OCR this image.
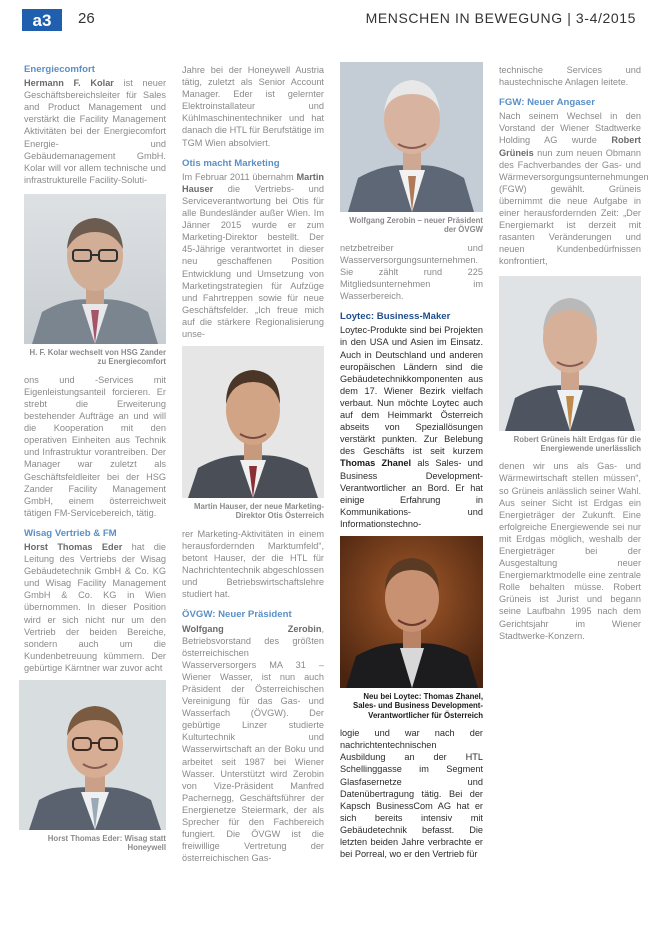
a3 26	MENSCHEN IN BEWEGUNG | 3-4/2015
Energiecomfort

Hermann F. Kolar ist neuer Geschäftsbereichsleiter für Sales and Product Management und verstärkt die Facility Management Aktivitäten bei der Energiecomfort Energie- und Gebäudemanagement GmbH. Kolar will vor allem technische und infrastrukturelle Facility-Soluti-

H. F. Kolar wechselt von HSG Zander zu Energiecomfort

ons und -Services mit Eigenleistungsanteil forcieren. Er strebt die Erweiterung bestehender Aufträge an und will die Kooperation mit den operativen Einheiten aus Technik und Infrastruktur vorantreiben. Der Manager war zuletzt als Geschäftsfeldleiter bei der HSG Zander Facility Management GmbH, einem österreichweit tätigen FM-Servicebereich, tätig.

Wisag Vertrieb & FM

Horst Thomas Eder hat die Leitung des Vertriebs der Wisag Gebäudetechnik GmbH & Co. KG und Wisag Facility Management GmbH & Co. KG in Wien übernommen. In dieser Position wird er sich nicht nur um den Vertrieb der beiden Bereiche, sondern auch um die Kundenbetreuung kümmern. Der gebürtige Kärntner war zuvor acht

Horst Thomas Eder: Wisag statt Honeywell

Jahre bei der Honeywell Austria tätig, zuletzt als Senior Account Manager. Eder ist gelernter Elektroinstallateur und Kühlmaschinentechniker und hat danach die HTL für Berufstätige im TGM Wien absolviert.

Otis macht Marketing

Im Februar 2011 übernahm Martin Hauser die Vertriebs- und Serviceverantwortung bei Otis für alle Bundesländer außer Wien. Im Jänner 2015 wurde er zum Marketing-Direktor bestellt. Der 45-Jährige verantwortet in dieser neu geschaffenen Position Entwicklung und Umsetzung von Marketingstrategien für Aufzüge und Fahrtreppen sowie für neue Geschäftsfelder. „Ich freue mich auf die stärkere Regionalisierung unse-

Martin Hauser, der neue Marketing-Direktor Otis Österreich

rer Marketing-Aktivitäten in einem herausfordernden Marktumfeld“, betont Hauser, der die HTL für Nachrichtentechnik abgeschlossen und Betriebswirtschaftslehre studiert hat.

ÖVGW: Neuer Präsident

Wolfgang Zerobin, Betriebsvorstand des größten österreichischen Wasserversorgers MA 31 – Wiener Wasser, ist nun auch Präsident der Österreichischen Vereinigung für das Gas- und Wasserfach (ÖVGW). Der gebürtige Linzer studierte Kulturtechnik und Wasserwirtschaft an der Boku und arbeitet seit 1987 bei Wiener Wasser. Unterstützt wird Zerobin von Vize-Präsident Manfred Pachernegg, Geschäftsführer der Energienetze Steiermark, der als Sprecher für den Fachbereich fungiert. Die ÖVGW ist die freiwillige Vertretung der österreichischen Gas-

Wolfgang Zerobin – neuer Präsident der ÖVGW

netzbetreiber und Wasserversorgungsunternehmen. Sie zählt rund 225 Mitgliedsunternehmen im Wasserbereich.

Loytec: Business-Maker

Loytec-Produkte sind bei Projekten in den USA und Asien im Einsatz. Auch in Deutschland und anderen europäischen Ländern sind die Gebäudetechnikkomponenten aus dem 17. Wiener Bezirk vielfach verbaut. Nun möchte Loytec auch auf dem Heimmarkt Österreich abseits von Speziallösungen verstärkt punkten. Zur Belebung des Geschäfts ist seit kurzem Thomas Zhanel als Sales- und Business Development-Verantwortlicher an Bord. Er hat einige Erfahrung in Kommunikations- und Informationstechno-

Neu bei Loytec: Thomas Zhanel, Sales- und Business Development-Verantwortlicher für Österreich

logie und war nach der nachrichtentechnischen Ausbildung an der HTL Schellinggasse im Segment Glasfasernetze und Datenübertragung tätig. Bei der Kapsch BusinessCom AG hat er sich bereits intensiv mit Gebäudetechnik befasst. Die letzten beiden Jahre verbrachte er bei Porreal, wo er den Vertrieb für

technische Services und haustechnische Anlagen leitete.

FGW: Neuer Angaser

Nach seinem Wechsel in den Vorstand der Wiener Stadtwerke Holding AG wurde Robert Grüneis nun zum neuen Obmann des Fachverbandes der Gas- und Wärmeversorgungsunternehmungen (FGW) gewählt. Grüneis übernimmt die neue Aufgabe in einer herausfordernden Zeit: „Der Energiemarkt ist derzeit mit rasanten Veränderungen und neuen Kundenbedürfnissen konfrontiert,

Robert Grüneis hält Erdgas für die Energiewende unerlässlich

denen wir uns als Gas- und Wärmewirtschaft stellen müssen“, so Grüneis anlässlich seiner Wahl. Aus seiner Sicht ist Erdgas ein Energieträger der Zukunft. Eine erfolgreiche Energiewende sei nur mit Erdgas möglich, weshalb der Energieträger bei der Ausgestaltung neuer Energiemarktmodelle eine zentrale Rolle behalten müsse. Robert Grüneis ist Jurist und begann seine Laufbahn 1995 nach dem Gerichtsjahr im Wiener Stadtwerke-Konzern.
